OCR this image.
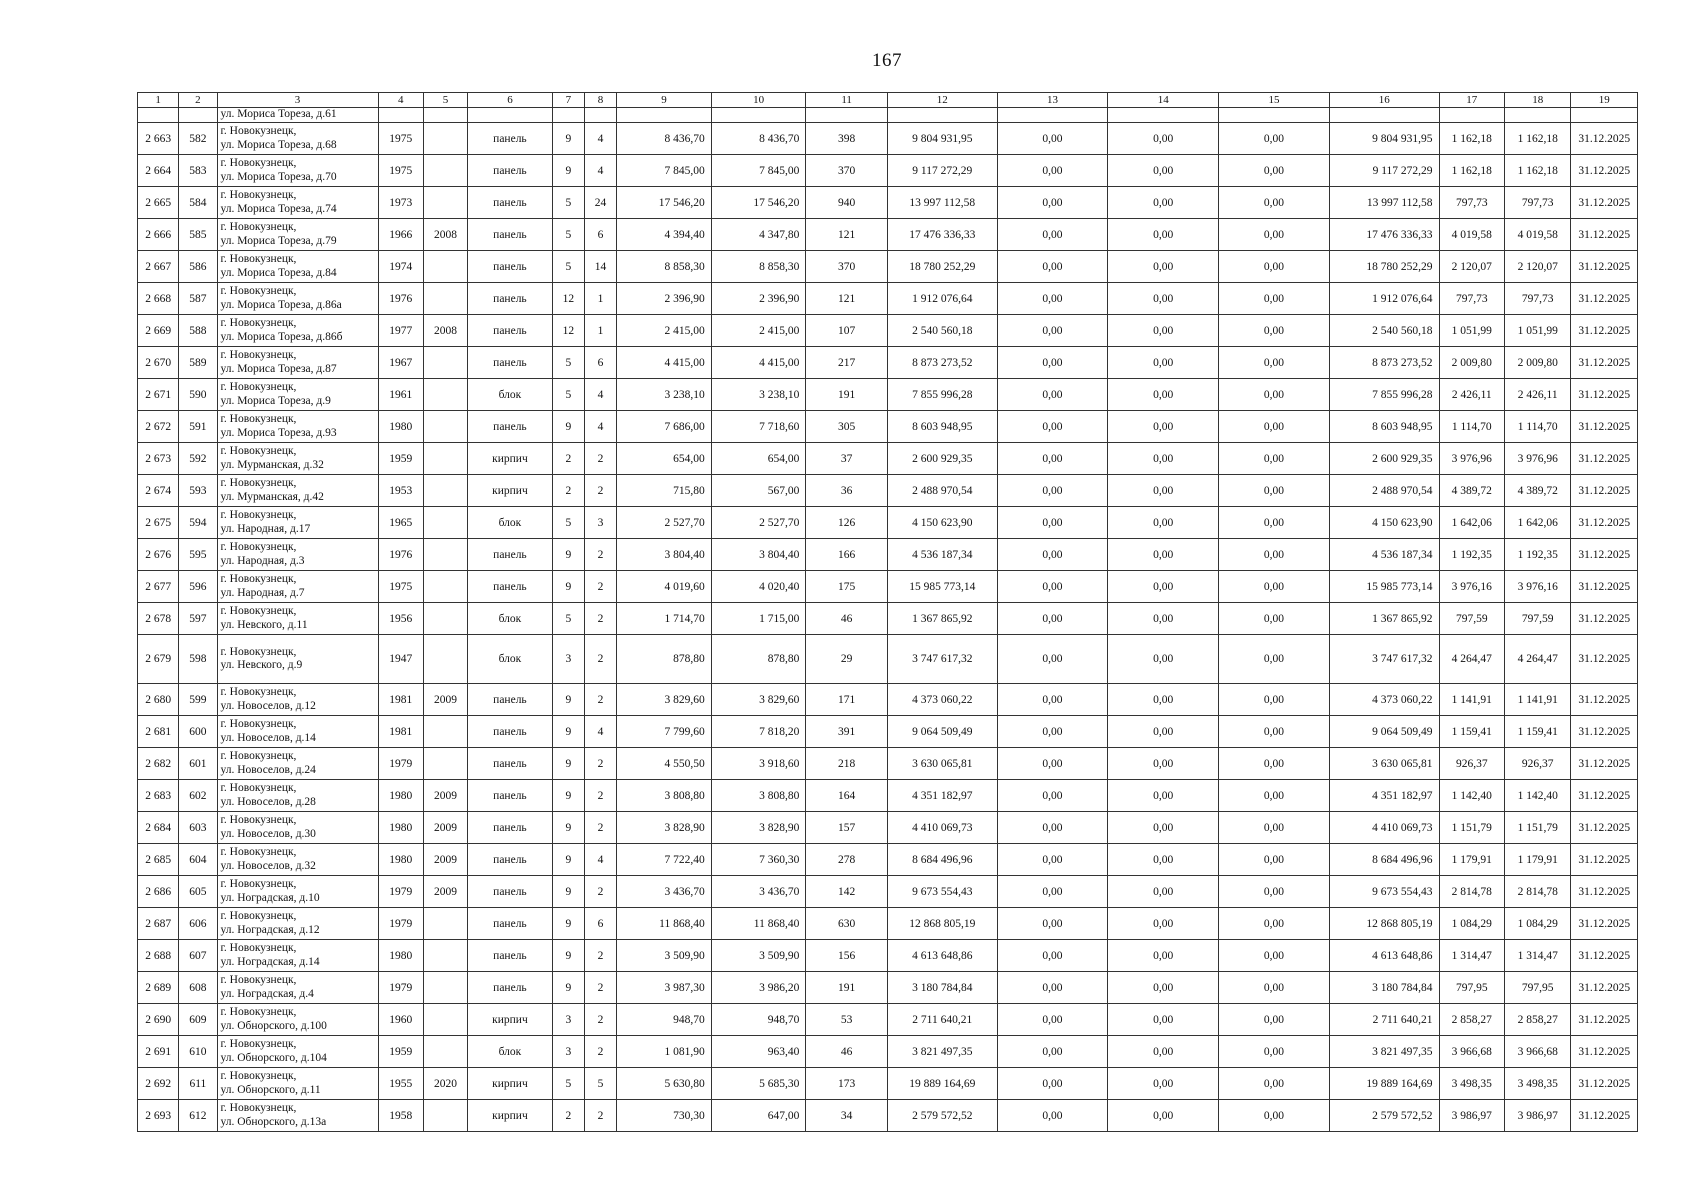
167
1	2	3	4	5	6	7	8	9	10	11	12	13	14	15	16	17	18	19
		ул. Мориса Тореза, д.61																
2 663	582	г. Новокузнецк,
ул. Мориса Тореза, д.68	1975		панель	9	4	8 436,70	8 436,70	398	9 804 931,95	0,00	0,00	0,00	9 804 931,95	1 162,18	1 162,18	31.12.2025
2 664	583	г. Новокузнецк,
ул. Мориса Тореза, д.70	1975		панель	9	4	7 845,00	7 845,00	370	9 117 272,29	0,00	0,00	0,00	9 117 272,29	1 162,18	1 162,18	31.12.2025
2 665	584	г. Новокузнецк,
ул. Мориса Тореза, д.74	1973		панель	5	24	17 546,20	17 546,20	940	13 997 112,58	0,00	0,00	0,00	13 997 112,58	797,73	797,73	31.12.2025
2 666	585	г. Новокузнецк,
ул. Мориса Тореза, д.79	1966	2008	панель	5	6	4 394,40	4 347,80	121	17 476 336,33	0,00	0,00	0,00	17 476 336,33	4 019,58	4 019,58	31.12.2025
2 667	586	г. Новокузнецк,
ул. Мориса Тореза, д.84	1974		панель	5	14	8 858,30	8 858,30	370	18 780 252,29	0,00	0,00	0,00	18 780 252,29	2 120,07	2 120,07	31.12.2025
2 668	587	г. Новокузнецк,
ул. Мориса Тореза, д.86а	1976		панель	12	1	2 396,90	2 396,90	121	1 912 076,64	0,00	0,00	0,00	1 912 076,64	797,73	797,73	31.12.2025
2 669	588	г. Новокузнецк,
ул. Мориса Тореза, д.86б	1977	2008	панель	12	1	2 415,00	2 415,00	107	2 540 560,18	0,00	0,00	0,00	2 540 560,18	1 051,99	1 051,99	31.12.2025
2 670	589	г. Новокузнецк,
ул. Мориса Тореза, д.87	1967		панель	5	6	4 415,00	4 415,00	217	8 873 273,52	0,00	0,00	0,00	8 873 273,52	2 009,80	2 009,80	31.12.2025
2 671	590	г. Новокузнецк,
ул. Мориса Тореза, д.9	1961		блок	5	4	3 238,10	3 238,10	191	7 855 996,28	0,00	0,00	0,00	7 855 996,28	2 426,11	2 426,11	31.12.2025
2 672	591	г. Новокузнецк,
ул. Мориса Тореза, д.93	1980		панель	9	4	7 686,00	7 718,60	305	8 603 948,95	0,00	0,00	0,00	8 603 948,95	1 114,70	1 114,70	31.12.2025
2 673	592	г. Новокузнецк,
ул. Мурманская, д.32	1959		кирпич	2	2	654,00	654,00	37	2 600 929,35	0,00	0,00	0,00	2 600 929,35	3 976,96	3 976,96	31.12.2025
2 674	593	г. Новокузнецк,
ул. Мурманская, д.42	1953		кирпич	2	2	715,80	567,00	36	2 488 970,54	0,00	0,00	0,00	2 488 970,54	4 389,72	4 389,72	31.12.2025
2 675	594	г. Новокузнецк,
ул. Народная, д.17	1965		блок	5	3	2 527,70	2 527,70	126	4 150 623,90	0,00	0,00	0,00	4 150 623,90	1 642,06	1 642,06	31.12.2025
2 676	595	г. Новокузнецк,
ул. Народная, д.3	1976		панель	9	2	3 804,40	3 804,40	166	4 536 187,34	0,00	0,00	0,00	4 536 187,34	1 192,35	1 192,35	31.12.2025
2 677	596	г. Новокузнецк,
ул. Народная, д.7	1975		панель	9	2	4 019,60	4 020,40	175	15 985 773,14	0,00	0,00	0,00	15 985 773,14	3 976,16	3 976,16	31.12.2025
2 678	597	г. Новокузнецк,
ул. Невского, д.11	1956		блок	5	2	1 714,70	1 715,00	46	1 367 865,92	0,00	0,00	0,00	1 367 865,92	797,59	797,59	31.12.2025
2 679	598	г. Новокузнецк,
ул. Невского, д.9	1947		блок	3	2	878,80	878,80	29	3 747 617,32	0,00	0,00	0,00	3 747 617,32	4 264,47	4 264,47	31.12.2025
2 680	599	г. Новокузнецк,
ул. Новоселов, д.12	1981	2009	панель	9	2	3 829,60	3 829,60	171	4 373 060,22	0,00	0,00	0,00	4 373 060,22	1 141,91	1 141,91	31.12.2025
2 681	600	г. Новокузнецк,
ул. Новоселов, д.14	1981		панель	9	4	7 799,60	7 818,20	391	9 064 509,49	0,00	0,00	0,00	9 064 509,49	1 159,41	1 159,41	31.12.2025
2 682	601	г. Новокузнецк,
ул. Новоселов, д.24	1979		панель	9	2	4 550,50	3 918,60	218	3 630 065,81	0,00	0,00	0,00	3 630 065,81	926,37	926,37	31.12.2025
2 683	602	г. Новокузнецк,
ул. Новоселов, д.28	1980	2009	панель	9	2	3 808,80	3 808,80	164	4 351 182,97	0,00	0,00	0,00	4 351 182,97	1 142,40	1 142,40	31.12.2025
2 684	603	г. Новокузнецк,
ул. Новоселов, д.30	1980	2009	панель	9	2	3 828,90	3 828,90	157	4 410 069,73	0,00	0,00	0,00	4 410 069,73	1 151,79	1 151,79	31.12.2025
2 685	604	г. Новокузнецк,
ул. Новоселов, д.32	1980	2009	панель	9	4	7 722,40	7 360,30	278	8 684 496,96	0,00	0,00	0,00	8 684 496,96	1 179,91	1 179,91	31.12.2025
2 686	605	г. Новокузнецк,
ул. Ноградская, д.10	1979	2009	панель	9	2	3 436,70	3 436,70	142	9 673 554,43	0,00	0,00	0,00	9 673 554,43	2 814,78	2 814,78	31.12.2025
2 687	606	г. Новокузнецк,
ул. Ноградская, д.12	1979		панель	9	6	11 868,40	11 868,40	630	12 868 805,19	0,00	0,00	0,00	12 868 805,19	1 084,29	1 084,29	31.12.2025
2 688	607	г. Новокузнецк,
ул. Ноградская, д.14	1980		панель	9	2	3 509,90	3 509,90	156	4 613 648,86	0,00	0,00	0,00	4 613 648,86	1 314,47	1 314,47	31.12.2025
2 689	608	г. Новокузнецк,
ул. Ноградская, д.4	1979		панель	9	2	3 987,30	3 986,20	191	3 180 784,84	0,00	0,00	0,00	3 180 784,84	797,95	797,95	31.12.2025
2 690	609	г. Новокузнецк,
ул. Обнорского, д.100	1960		кирпич	3	2	948,70	948,70	53	2 711 640,21	0,00	0,00	0,00	2 711 640,21	2 858,27	2 858,27	31.12.2025
2 691	610	г. Новокузнецк,
ул. Обнорского, д.104	1959		блок	3	2	1 081,90	963,40	46	3 821 497,35	0,00	0,00	0,00	3 821 497,35	3 966,68	3 966,68	31.12.2025
2 692	611	г. Новокузнецк,
ул. Обнорского, д.11	1955	2020	кирпич	5	5	5 630,80	5 685,30	173	19 889 164,69	0,00	0,00	0,00	19 889 164,69	3 498,35	3 498,35	31.12.2025
2 693	612	г. Новокузнецк,
ул. Обнорского, д.13а	1958		кирпич	2	2	730,30	647,00	34	2 579 572,52	0,00	0,00	0,00	2 579 572,52	3 986,97	3 986,97	31.12.2025
